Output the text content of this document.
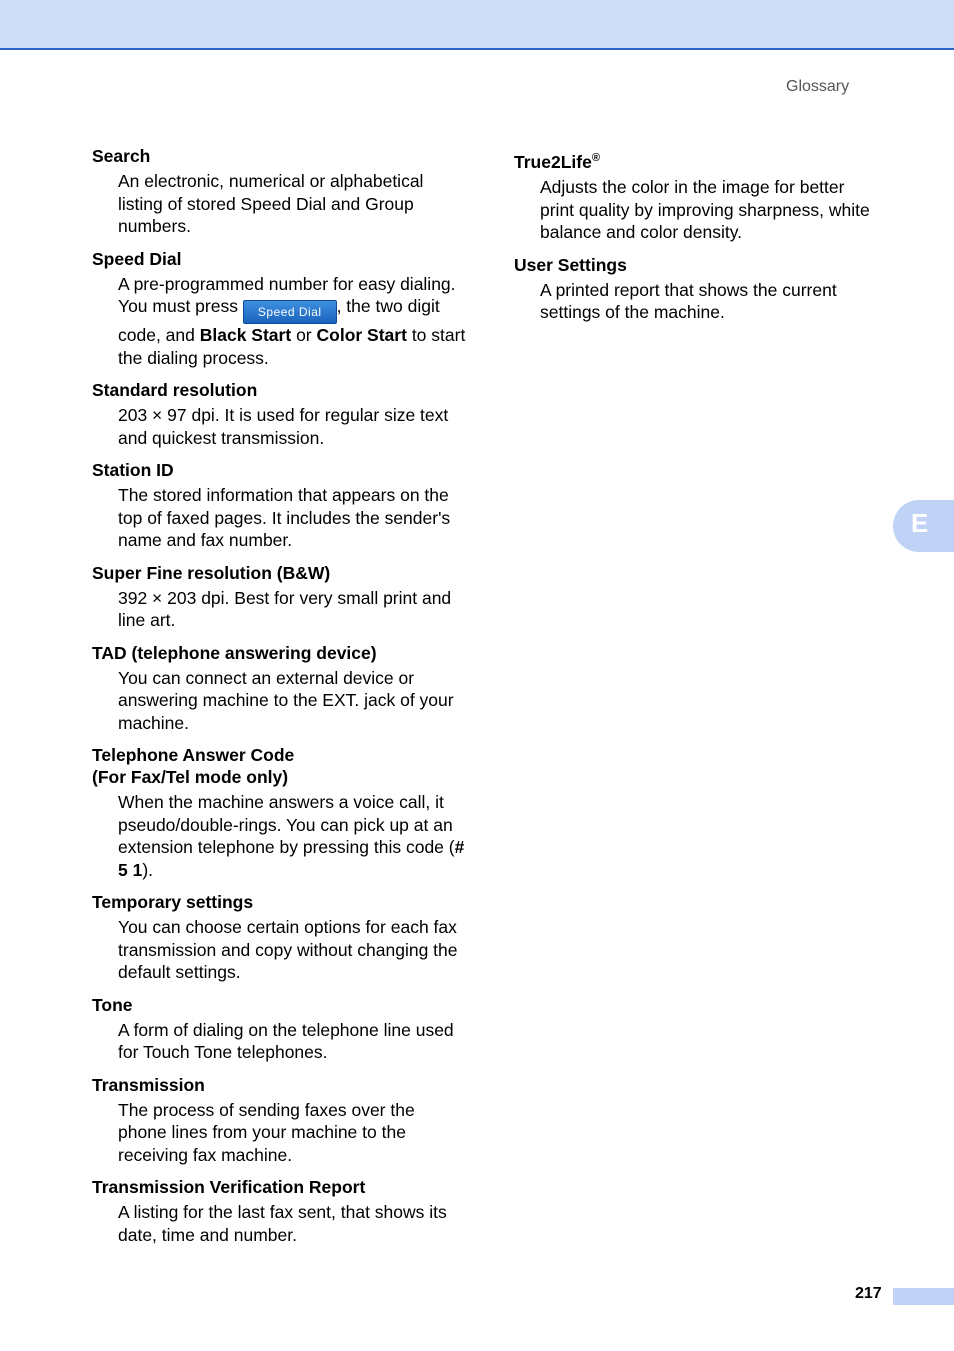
Glossary
Search
An electronic, numerical or alphabetical listing of stored Speed Dial and Group numbers.
Speed Dial
A pre-programmed number for easy dialing. You must press Speed Dial , the two digit code, and Black Start or Color Start to start the dialing process.
Standard resolution
203 × 97 dpi. It is used for regular size text and quickest transmission.
Station ID
The stored information that appears on the top of faxed pages. It includes the sender's name and fax number.
Super Fine resolution (B&W)
392 × 203 dpi. Best for very small print and line art.
TAD (telephone answering device)
You can connect an external device or answering machine to the EXT. jack of your machine.
Telephone Answer Code
(For Fax/Tel mode only)
When the machine answers a voice call, it pseudo/double-rings. You can pick up at an extension telephone by pressing this code (# 5 1).
Temporary settings
You can choose certain options for each fax transmission and copy without changing the default settings.
Tone
A form of dialing on the telephone line used for Touch Tone telephones.
Transmission
The process of sending faxes over the phone lines from your machine to the receiving fax machine.
Transmission Verification Report
A listing for the last fax sent, that shows its date, time and number.
True2Life®
Adjusts the color in the image for better print quality by improving sharpness, white balance and color density.
User Settings
A printed report that shows the current settings of the machine.
E
217
